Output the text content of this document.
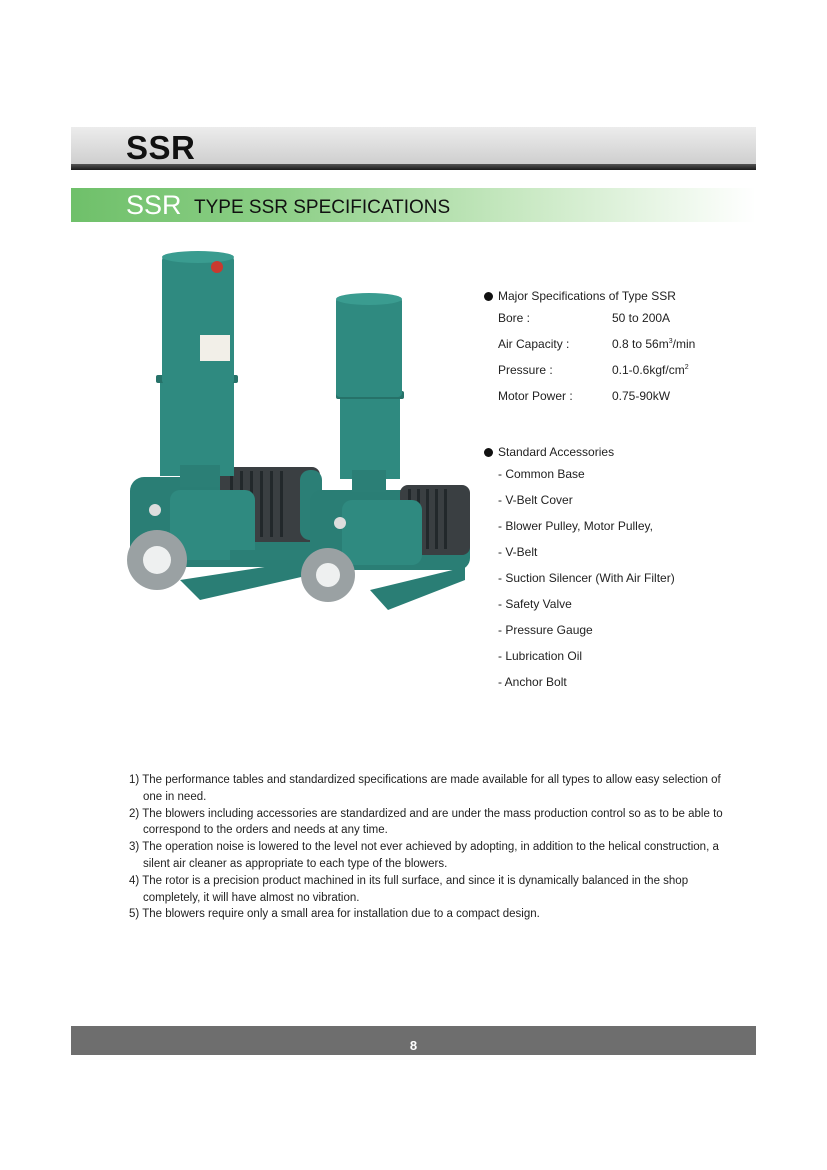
SSR
SSR TYPE SSR SPECIFICATIONS
Major Specifications of Type SSR
Bore :	50 to 200A
Air Capacity :	0.8 to $56m^3/\min$
Pressure :	$0.1-0.6kgf/cm^2$
Motor Power :	0.75-90kW
Standard Accessories
- Common Base
- V-Belt Cover
- Blower Pulley, Motor Pulley,
- V-Belt
- Suction Silencer (With Air Filter)
- Safety Valve
- Pressure Gauge
- Lubrication Oil
- Anchor Bolt
1) The performance tables and standardized specifications are made available for all types to allow easy selection of one in need.
2) The blowers including accessories are standardized and are under the mass production control so as to be able to correspond to the orders and needs at any time.
3) The operation noise is lowered to the level not ever achieved by adopting, in addition to the helical construction, a silent air cleaner as appropriate to each type of the blowers.
4) The rotor is a precision product machined in its full surface, and since it is dynamically balanced in the shop completely, it will have almost no vibration.
5) The blowers require only a small area for installation due to a compact design.
8
